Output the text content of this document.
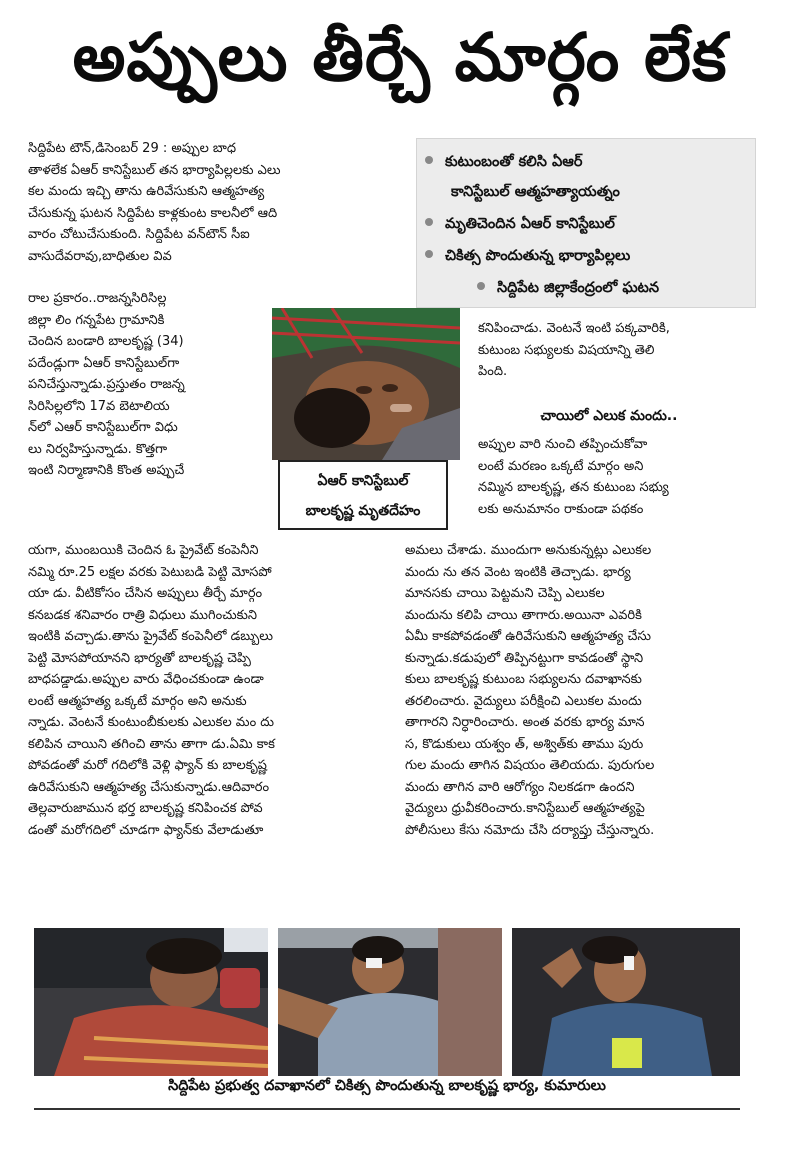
అప్పులు తీర్చే మార్గం లేక
కుటుంబంతో కలిసి ఏఆర్
కానిస్టేబుల్ ఆత్మహత్యాయత్నం
మృతిచెందిన ఏఆర్ కానిస్టేబుల్
చికిత్స పొందుతున్న భార్యాపిల్లలు
సిద్దిపేట జిల్లాకేంద్రంలో ఘటన
సిద్దిపేట టౌన్,డిసెంబర్ 29 : అప్పుల బాధ
తాళలేక ఏఆర్ కానిస్టేబుల్ తన భార్యాపిల్లలకు ఎలు
కల మందు ఇచ్చి తాను ఉరివేసుకుని ఆత్మహత్య
చేసుకున్న ఘటన సిద్దిపేట కాళ్లకుంట కాలనీలో ఆది
వారం చోటుచేసుకుంది. సిద్దిపేట వన్‌టౌన్ సీఐ
వాసుదేవరావు,బాధితుల వివ
రాల ప్రకారం..రాజన్నసిరిసిల్ల
జిల్లా లిం గన్నపేట గ్రామానికి
చెందిన బండారి బాలకృష్ణ (34)
పదేండ్లుగా ఏఆర్ కానిస్టేబుల్‌గా
పనిచేస్తున్నాడు.ప్రస్తుతం రాజన్న
సిరిసిల్లలోని 17వ బెటాలియ
న్‌లో ఎఆర్ కానిస్టేబుల్‌గా విధు
లు నిర్వహిస్తున్నాడు. కొత్తగా
ఇంటి నిర్మాణానికి కొంత అప్పుచే
యగా, ముంబయికి చెందిన ఓ ప్రైవేట్ కంపెనీని
నమ్మి రూ.25 లక్షల వరకు పెటుబడి పెట్టి మోసపో
యా డు. వీటికోసం చేసిన అప్పులు తీర్చే మార్గం
కనబడక శనివారం రాత్రి విధులు ముగించుకుని
ఇంటికి వచ్చాడు.తాను ప్రైవేట్ కంపెనీలో డబ్బులు
పెట్టి మోసపోయానని భార్యతో బాలకృష్ణ చెప్పి
బాధపడ్డాడు.అప్పుల వారు వేధించకుండా ఉండా
లంటే ఆత్మహత్య ఒక్కటే మార్గం అని అనుకు
న్నాడు. వెంటనే కుంటుంబీకులకు ఎలుకల మం దు
కలిపిన చాయిని తగించి తాను తాగా డు.ఏమి కాక
పోవడంతో మరో గదిలోకి వెళ్లి ఫ్యాన్ కు బాలకృష్ణ
ఉరివేసుకుని ఆత్మహత్య చేసుకున్నాడు.ఆదివారం
తెల్లవారుజామున భర్త బాలకృష్ణ కనిపించక పోవ
డంతో మరోగదిలో చూడగా ఫ్యాన్‌కు వేలాడుతూ
కనిపించాడు. వెంటనే ఇంటి పక్కవారికి,
కుటుంబ సభ్యులకు విషయాన్ని తెలి
పింది.
చాయిలో ఎలుక మందు..
అప్పుల వారి నుంచి తప్పించుకోవా
లంటే మరణం ఒక్కటే మార్గం అని
నమ్మిన బాలకృష్ణ, తన కుటుంబ సభ్యు
లకు అనుమానం రాకుండా పథకం
అమలు చేశాడు. ముందుగా అనుకున్నట్లు ఎలుకల
మందు ను తన వెంట ఇంటికి తెచ్చాడు. భార్య
మానసకు చాయి పెట్టమని చెప్పి ఎలుకల
మందును కలిపి చాయి తాగారు.అయినా ఎవరికి
ఏమీ కాకపోవడంతో ఉరివేసుకుని ఆత్మహత్య చేసు
కున్నాడు.కడుపులో తిప్పినట్టుగా కావడంతో స్థాని
కులు బాలకృష్ణ కుటుంబ సభ్యులను దవాఖానకు
తరలించారు. వైద్యులు పరీక్షించి ఎలుకల మందు
తాగారని నిర్ధారించారు. అంత వరకు భార్య మాన
స, కొడుకులు యశ్వం త్, అశ్విత్‌కు తాము పురు
గుల మందు తాగిన విషయం తెలియదు. పురుగుల
మందు తాగిన వారి ఆరోగ్యం నిలకడగా ఉందని
వైద్యులు ధ్రువీకరించారు.కానిస్టేబుల్ ఆత్మహత్యపై
పోలీసులు కేసు నమోదు చేసి దర్యాప్తు చేస్తున్నారు.
ఏఆర్ కానిస్టేబుల్
బాలకృష్ణ మృతదేహం
సిద్దిపేట ప్రభుత్వ దవాఖానలో చికిత్స పొందుతున్న బాలకృష్ణ భార్య, కుమారులు
